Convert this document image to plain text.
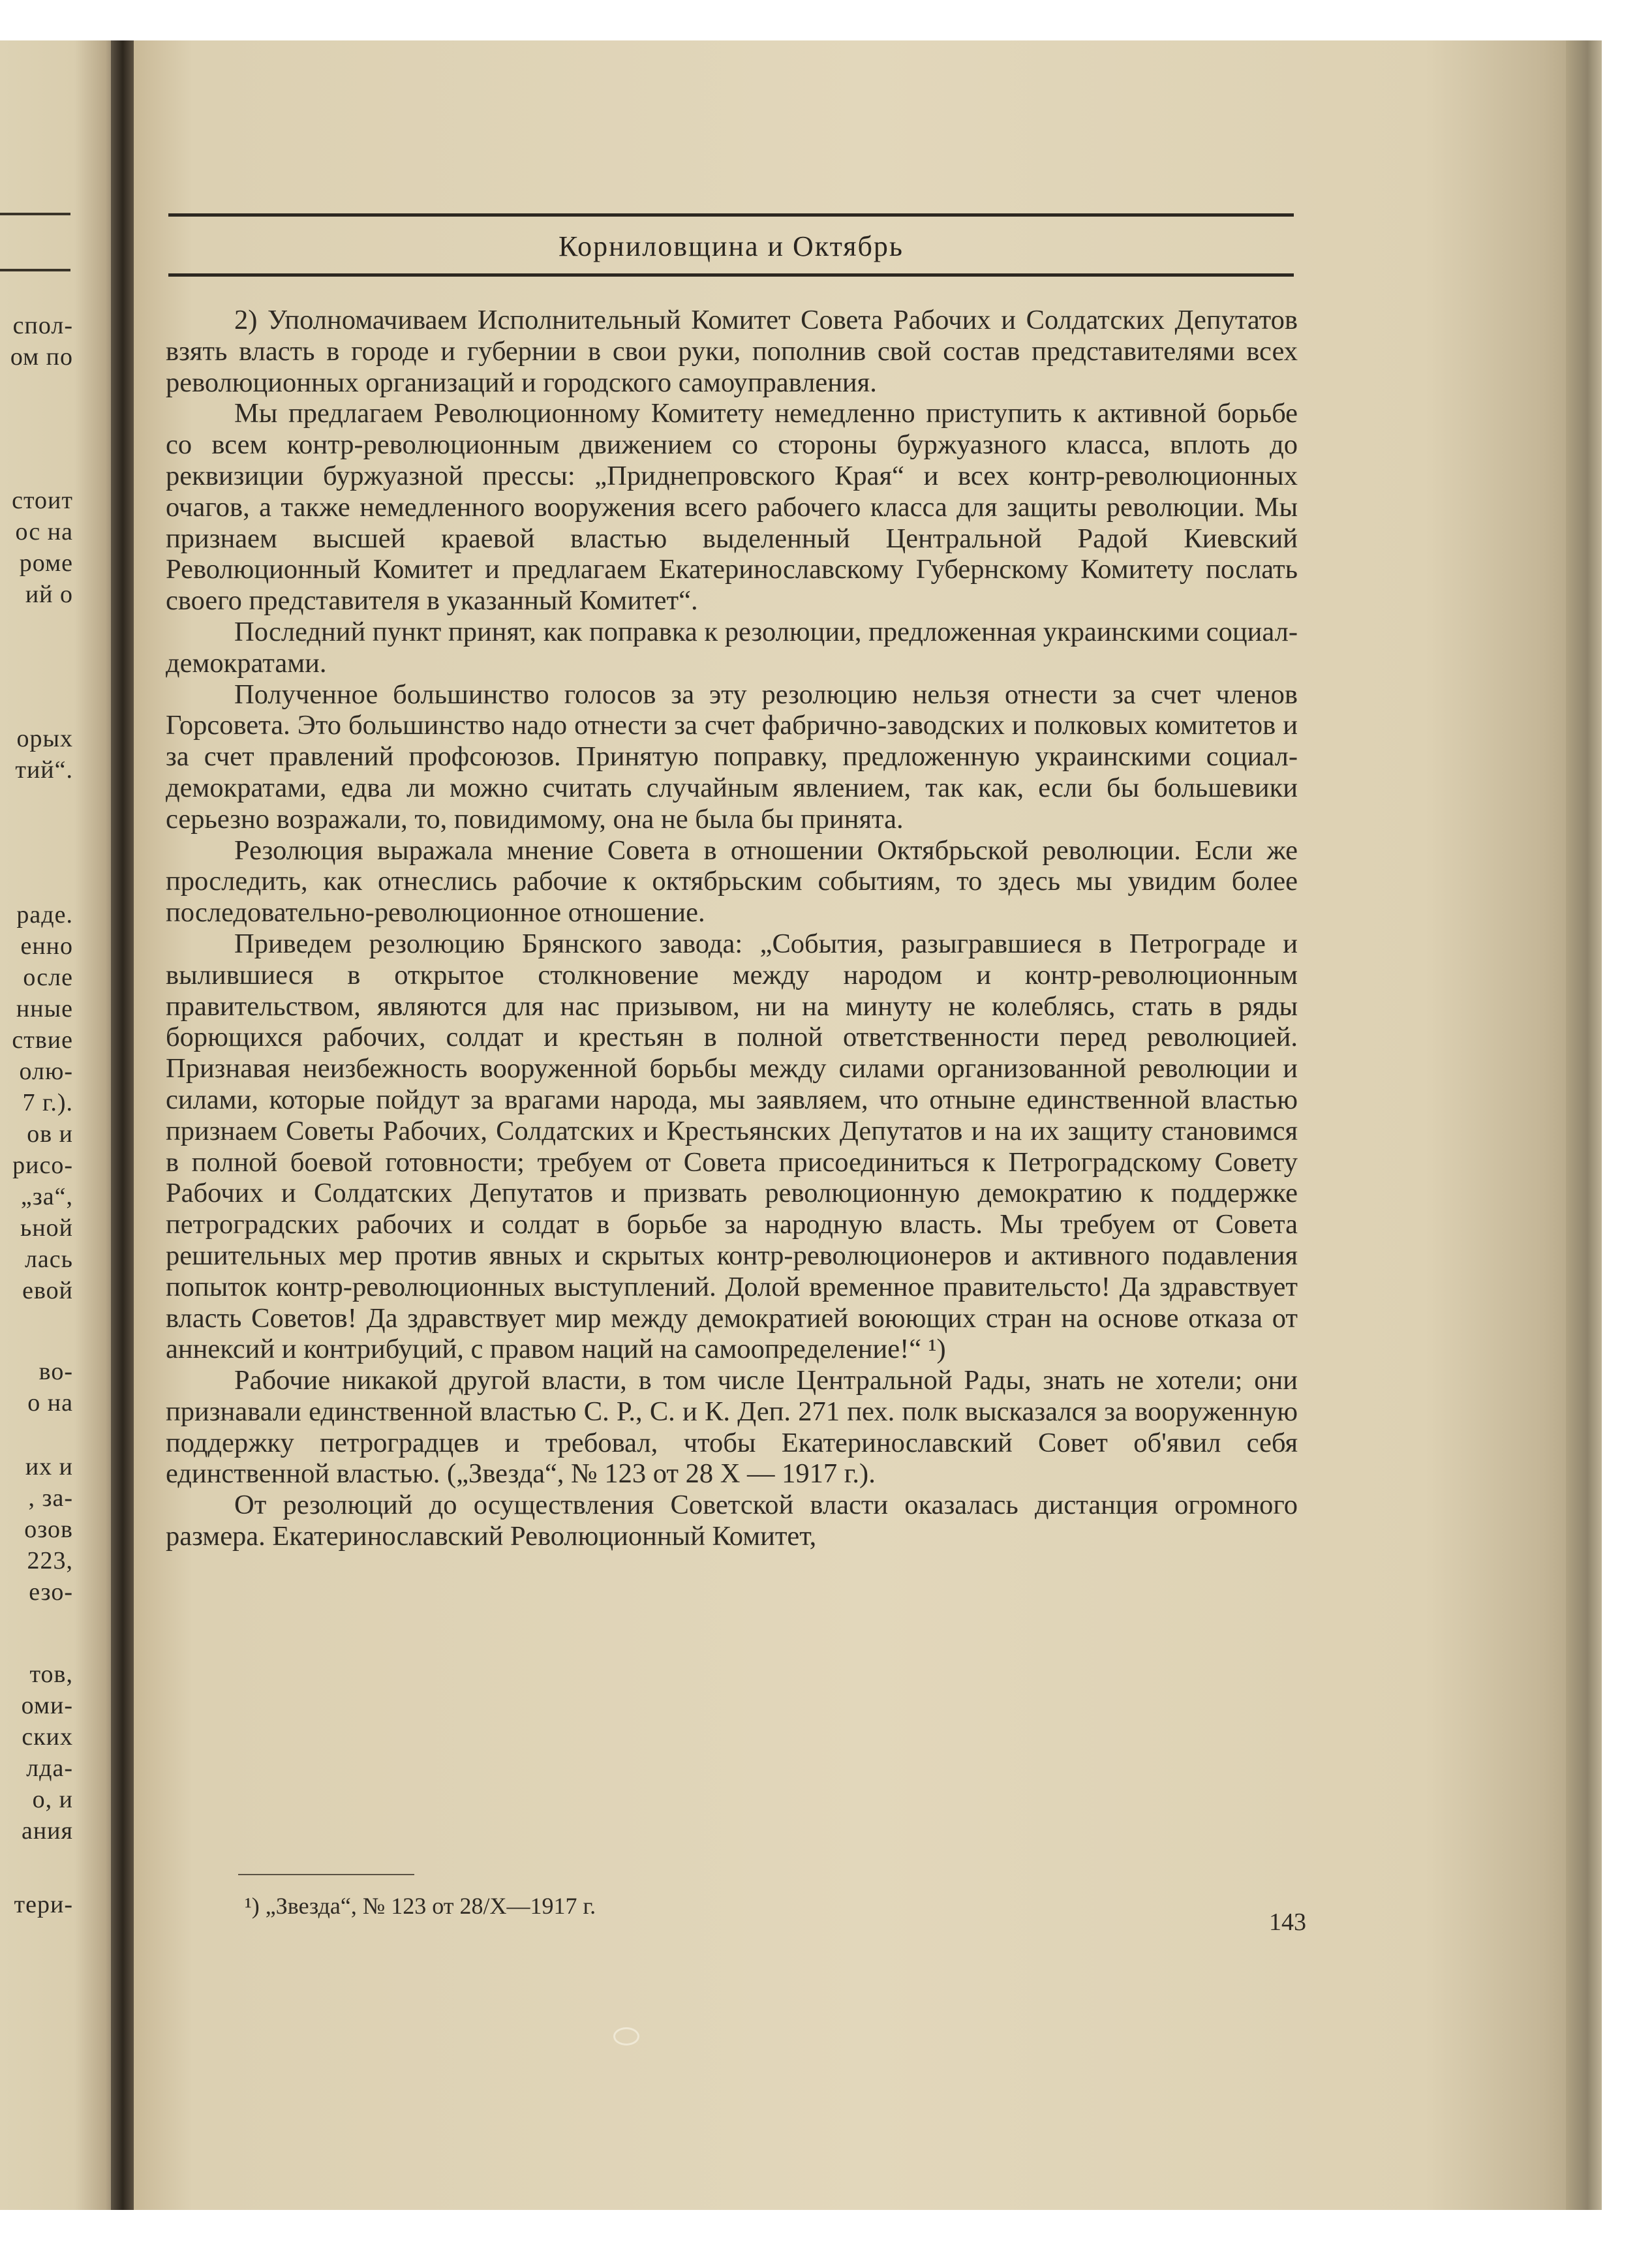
спол-
ом по
стоит
ос на
роме
ий о
орых
тий“.
раде.
енно
осле
нные
ствие
олю-
7 г.).
ов и
рисо-
„за“,
ьной
лась
евой
во-
о на
их и
, за-
озов
223,
езо-
тов,
оми-
ских
лда-
о, и
ания
тери-
Корниловщина и Октябрь

2) Уполномачиваем Исполнительный Комитет Совета Рабочих и Солдатских Депутатов взять власть в городе и губернии в свои руки, пополнив свой состав представителями всех революционных организаций и городского самоуправления.

Мы предлагаем Революционному Комитету немедленно приступить к активной борьбе со всем контр-революционным движением со стороны буржуазного класса, вплоть до реквизиции буржуазной прессы: „Приднепровского Края“ и всех контр-революционных очагов, а также немедленного вооружения всего рабочего класса для защиты революции. Мы признаем высшей краевой властью выделенный Центральной Радой Киевский Революционный Комитет и предлагаем Екатеринославскому Губернскому Комитету послать своего представителя в указанный Комитет“.

Последний пункт принят, как поправка к резолюции, предложенная украинскими социал-демократами.

Полученное большинство голосов за эту резолюцию нельзя отнести за счет членов Горсовета. Это большинство надо отнести за счет фабрично-заводских и полковых комитетов и за счет правлений профсоюзов. Принятую поправку, предложенную украинскими социал-демократами, едва ли можно считать случайным явлением, так как, если бы большевики серьезно возражали, то, повидимому, она не была бы принята.

Резолюция выражала мнение Совета в отношении Октябрьской революции. Если же проследить, как отнеслись рабочие к октябрьским событиям, то здесь мы увидим более последовательно-революционное отношение.

Приведем резолюцию Брянского завода: „События, разыгравшиеся в Петрограде и вылившиеся в открытое столкновение между народом и контр-революционным правительством, являются для нас призывом, ни на минуту не колеблясь, стать в ряды борющихся рабочих, солдат и крестьян в полной ответственности перед революцией. Признавая неизбежность вооруженной борьбы между силами организованной революции и силами, которые пойдут за врагами народа, мы заявляем, что отныне единственной властью признаем Советы Рабочих, Солдатских и Крестьянских Депутатов и на их защиту становимся в полной боевой готовности; требуем от Совета присоединиться к Петроградскому Совету Рабочих и Солдатских Депутатов и призвать революционную демократию к поддержке петроградских рабочих и солдат в борьбе за народную власть. Мы требуем от Совета решительных мер против явных и скрытых контр-революционеров и активного подавления попыток контр-революционных выступлений. Долой временное правительсто! Да здравствует власть Советов! Да здравствует мир между демократией воюющих стран на основе отказа от аннексий и контрибуций, с правом наций на самоопределение!“ ¹)

Рабочие никакой другой власти, в том числе Центральной Рады, знать не хотели; они признавали единственной властью С. Р., С. и К. Деп. 271 пех. полк высказался за вооруженную поддержку петроградцев и требовал, чтобы Екатеринославский Совет об'явил себя единственной властью. („Звезда“, № 123 от 28 X — 1917 г.).

От резолюций до осуществления Советской власти оказалась дистанция огромного размера. Екатеринославский Революционный Комитет,

¹) „Звезда“, № 123 от 28/X—1917 г.
143
